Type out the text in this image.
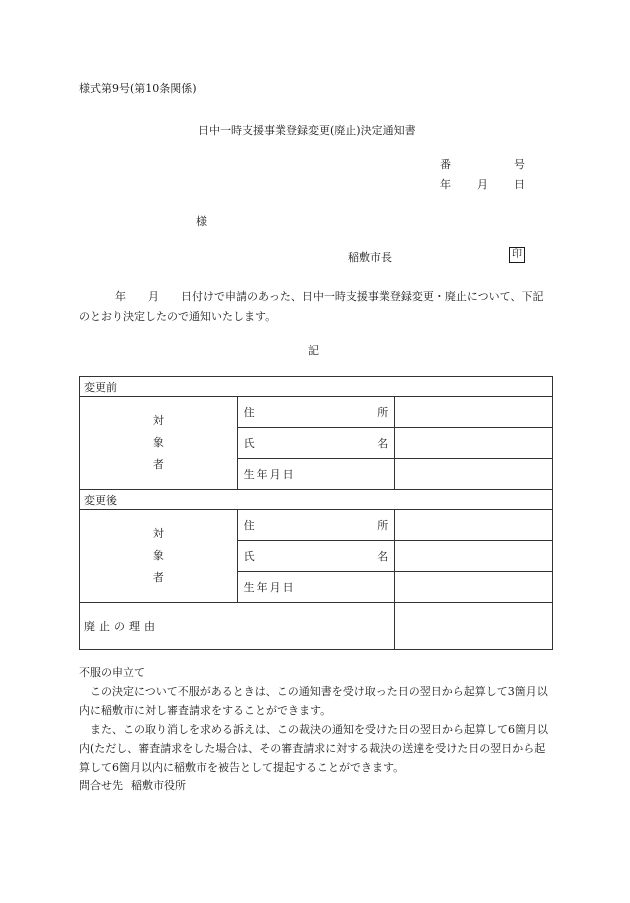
様式第9号(第10条関係)
日中一時支援事業登録変更(廃止)決定通知書
番	号
年 月 日
様
稲敷市長	印
年 月 日付けで申請のあった、日中一時支援事業登録変更・廃止について、下記のとおり決定したので通知いたします。
記
変更前		
対
象
者	住所	
	氏名	
	生年月日	
変更後		
対
象
者	住所	
	氏名	
	生年月日	
廃止の理由		
不服の申立て
この決定について不服があるときは、この通知書を受け取った日の翌日から起算して3箇月以内に稲敷市に対し審査請求をすることができます。
また、この取り消しを求める訴えは、この裁決の通知を受けた日の翌日から起算して6箇月以内(ただし、審査請求をした場合は、その審査請求に対する裁決の送達を受けた日の翌日から起算して6箇月以内に稲敷市を被告として提起することができます。
問合せ先 稲敷市役所
